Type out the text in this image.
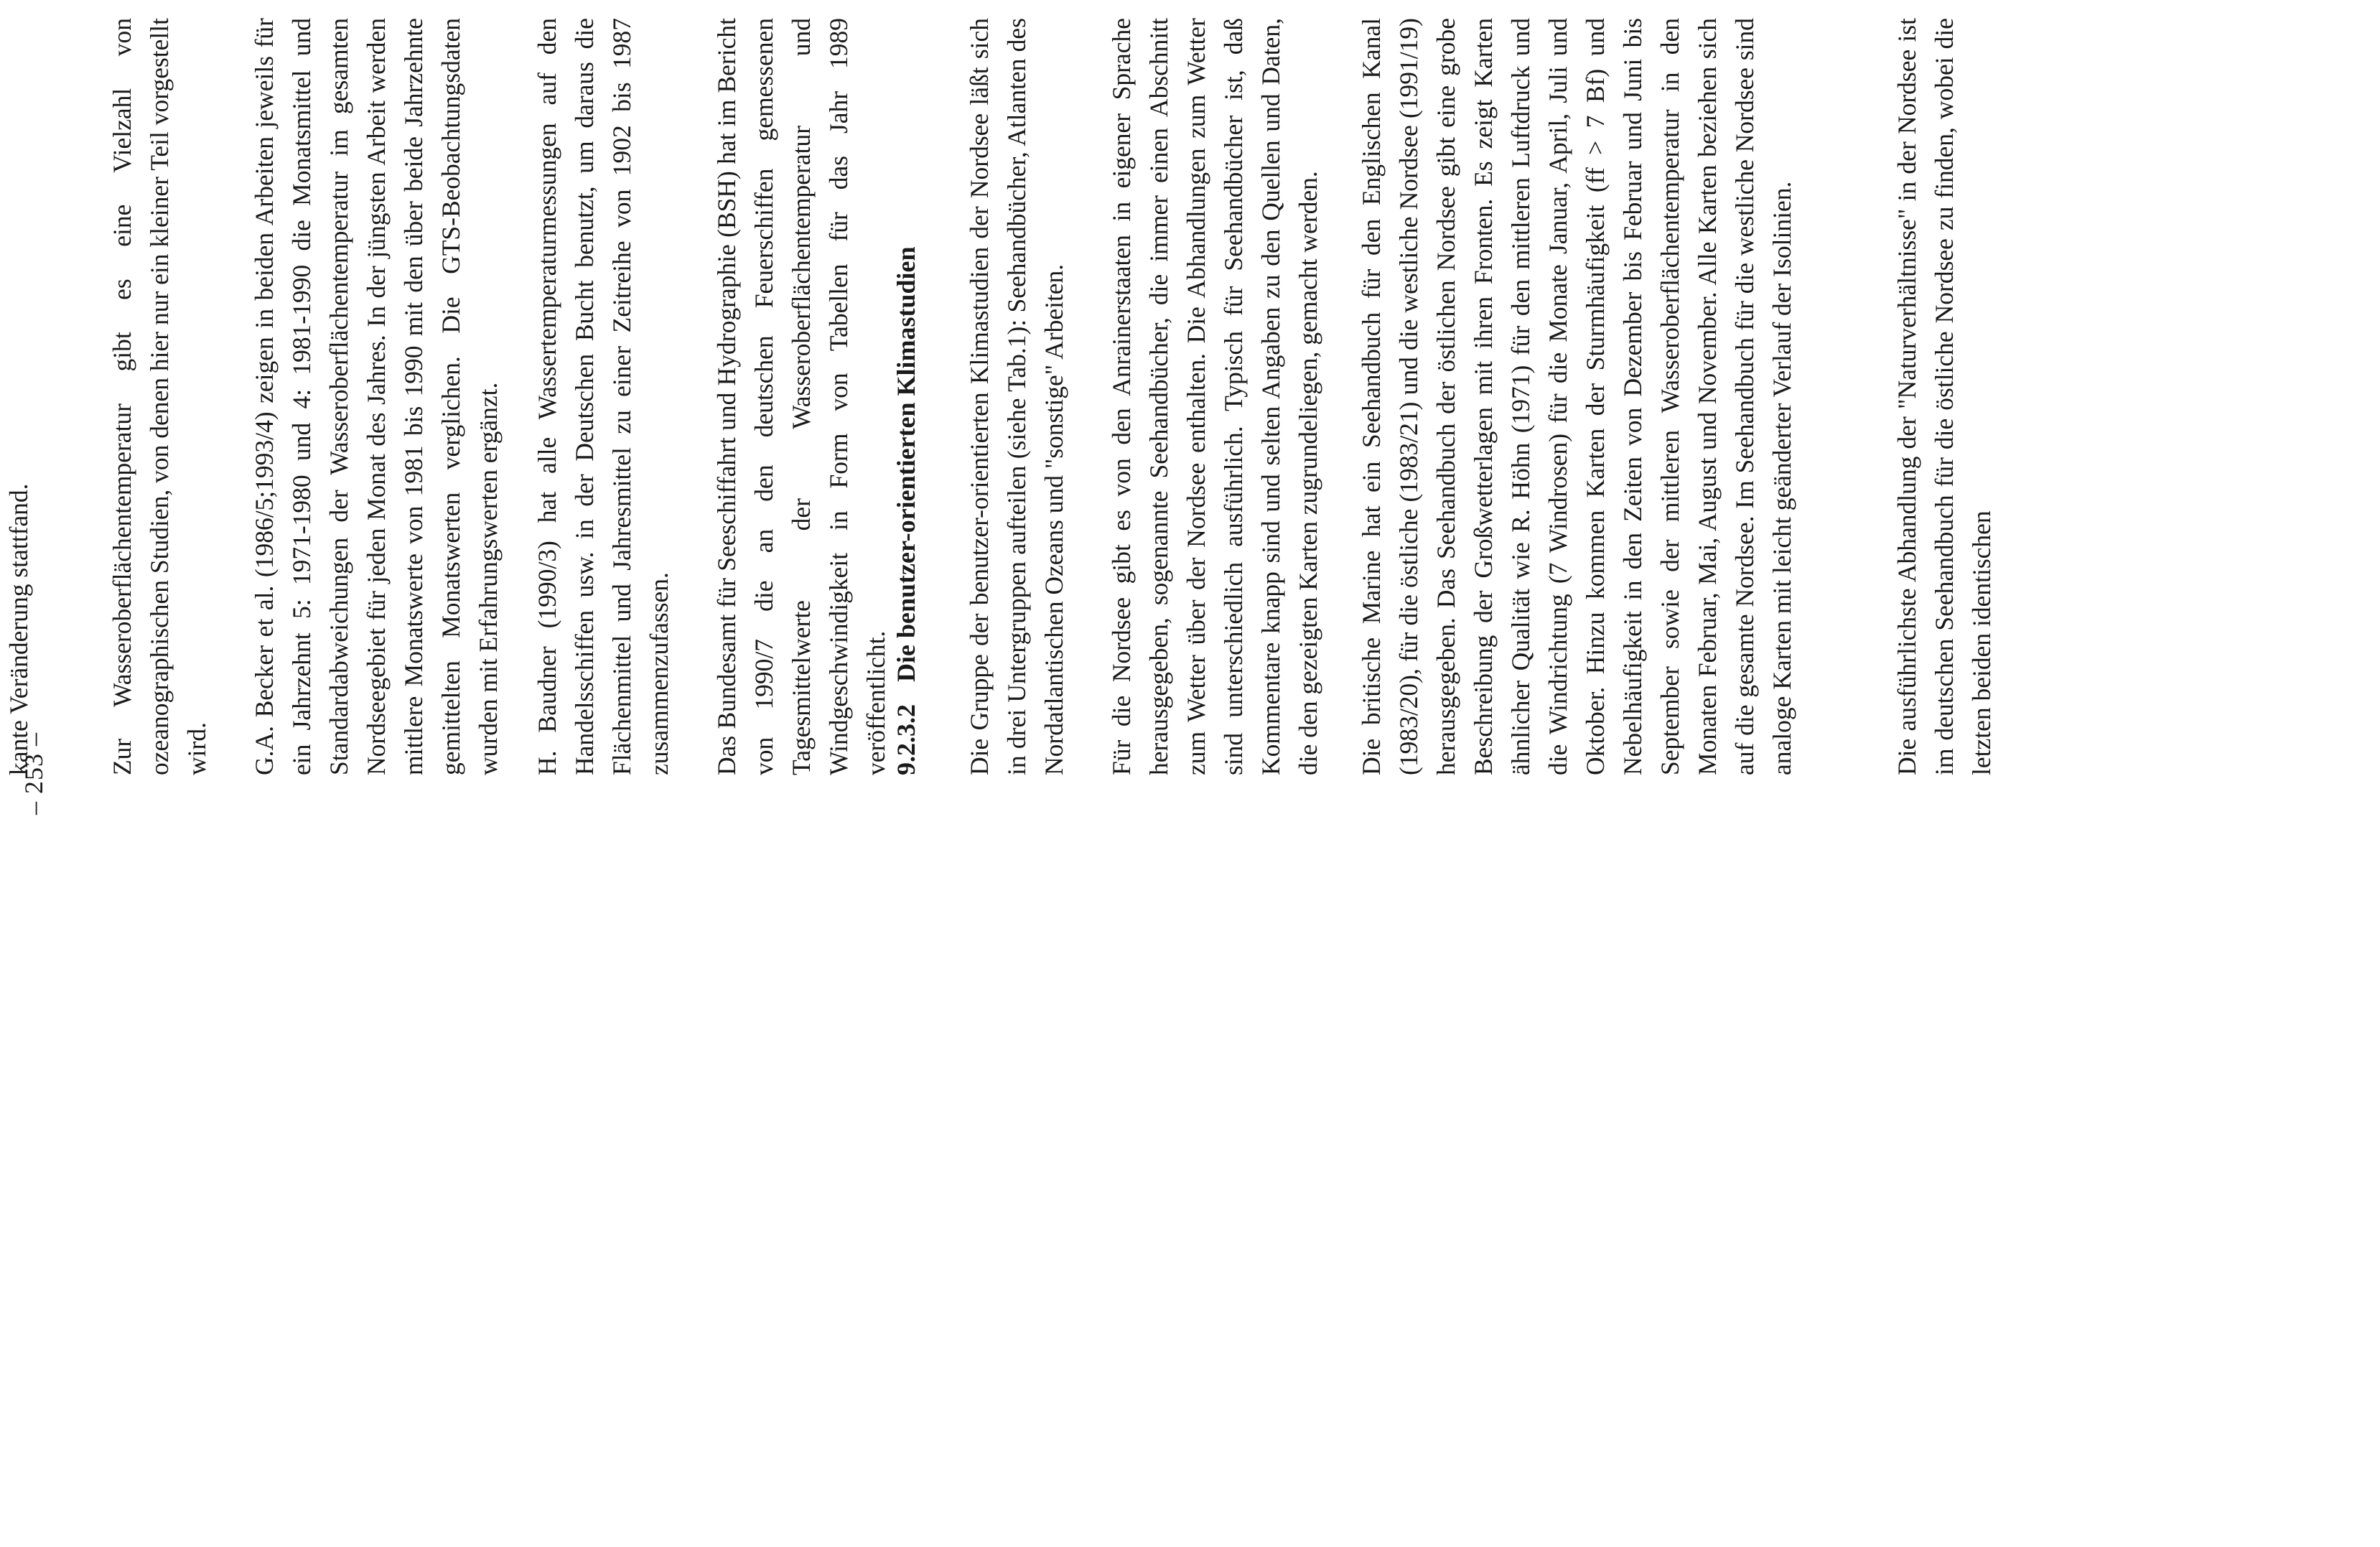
– 253 –

kante Veränderung stattfand.	Zur Wasseroberflächentemperatur gibt es eine Vielzahl von ozeanographischen Studien, von denen hier nur ein kleiner Teil vorgestellt wird. G.A. Becker et al. (1986/5;1993/4) zeigen in beiden Arbeiten jeweils für ein Jahrzehnt 5: 1971-1980 und 4: 1981-1990 die Monatsmittel und Standardabweichungen der Wasseroberflächentemperatur im gesamten Nordseegebiet für jeden Monat des Jahres. In der jüngsten Arbeit werden mittlere Monatswerte von 1981 bis 1990 mit den über beide Jahrzehnte gemittelten Monatswerten verglichen. Die GTS-Beobachtungsdaten wurden mit Erfahrungswerten ergänzt. H. Baudner (1990/3) hat alle Wassertemperaturmessungen auf den Handelsschiffen usw. in der Deutschen Bucht benutzt, um daraus die Flächenmittel und Jahresmittel zu einer Zeitreihe von 1902 bis 1987 zusammenzufassen. Das Bundesamt für Seeschiffahrt und Hydrographie (BSH) hat im Bericht von 1990/7 die an den deutschen Feuerschiffen gemessenen Tagesmittelwerte der Wasseroberflächentemperatur und Windgeschwindigkeit in Form von Tabellen für das Jahr 1989 veröffentlicht. 9.2.3.2Die benutzer-orientierten Klimastudien Die Gruppe der benutzer-orientierten Klimastudien der Nordsee läßt sich in drei Untergruppen aufteilen (siehe Tab.1): Seehandbücher, Atlanten des Nordatlantischen Ozeans und "sonstige" Arbeiten. Für die Nordsee gibt es von den Anrainerstaaten in eigener Sprache herausgegeben, sogenannte Seehandbücher, die immer einen Abschnitt zum Wetter über der Nordsee enthalten. Die Abhandlungen zum Wetter sind unterschiedlich ausführlich. Typisch für Seehandbücher ist, daß Kommentare knapp sind und selten Angaben zu den Quellen und Daten, die den gezeigten Karten zugrundeliegen, gemacht werden. Die britische Marine hat ein Seehandbuch für den Englischen Kanal (1983/20), für die östliche (1983/21) und die westliche Nordsee (1991/19) herausgegeben. Das Seehandbuch der östlichen Nordsee gibt eine grobe Beschreibung der Großwetterlagen mit ihren Fronten. Es zeigt Karten ähnlicher Qualität wie R. Höhn (1971) für den mittleren Luftdruck und die Windrichtung (7 Windrosen) für die Monate Januar, April, Juli und Oktober. Hinzu kommen Karten der Sturmhäufigkeit (ff > 7 Bf) und Nebelhäufigkeit in den Zeiten von Dezember bis Februar und Juni bis September sowie der mittleren Wasseroberflächentemperatur in den Monaten Februar, Mai, August und November. Alle Karten beziehen sich auf die gesamte Nordsee. Im Seehandbuch für die westliche Nordsee sind analoge Karten mit leicht geänderter Verlauf der Isolinien.	Die ausführlichste Abhandlung der "Naturverhältnisse" in der Nordsee ist im deutschen Seehandbuch für die östliche Nordsee zu finden, wobei die letzten beiden identischen
